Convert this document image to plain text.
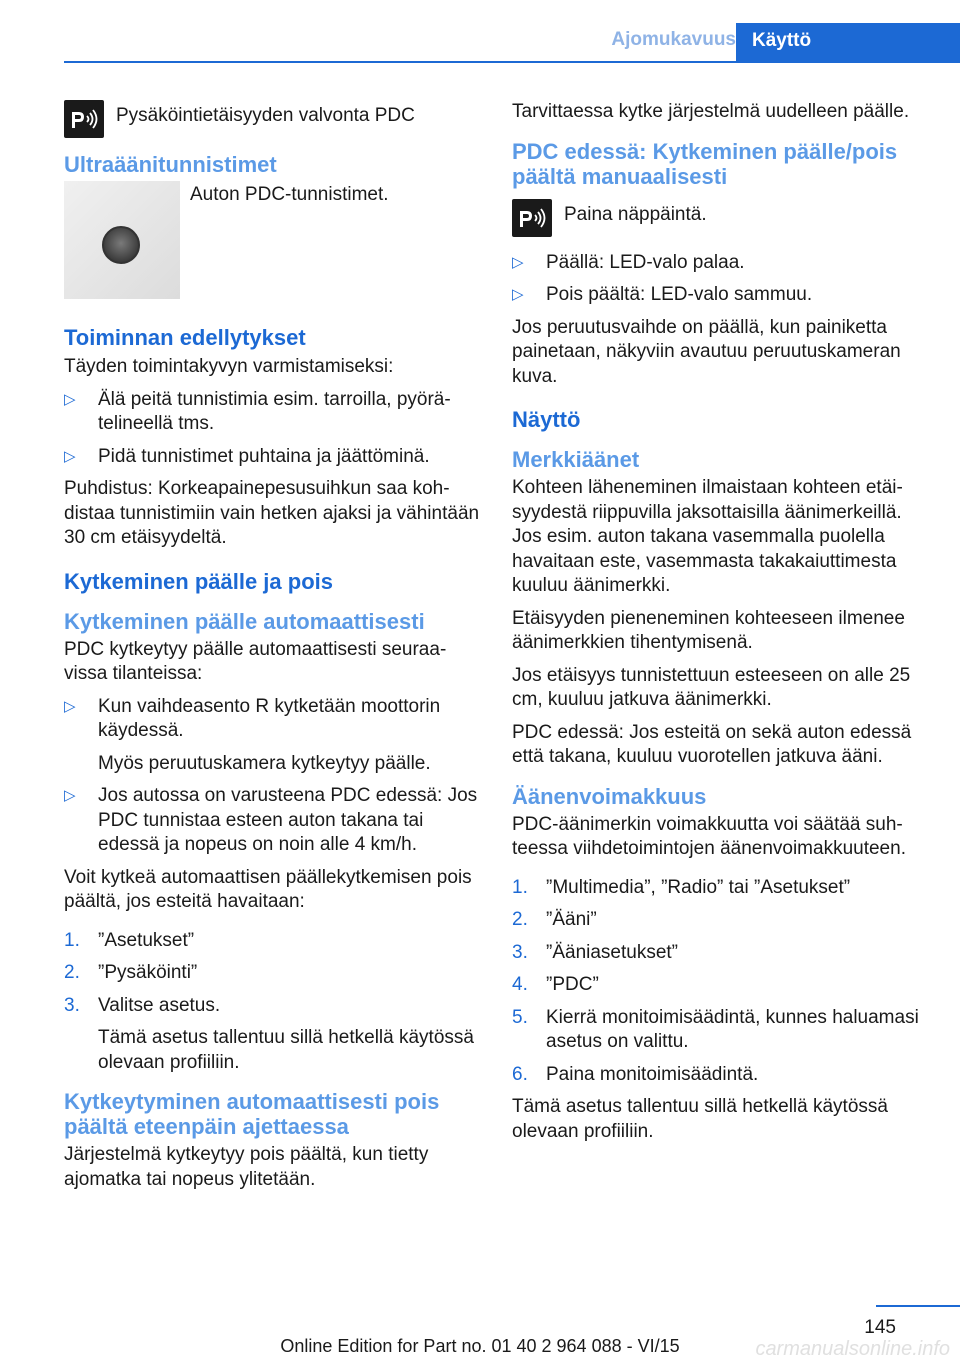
Ajomukavuus Käyttö
Pysäköintietäisyyden valvonta PDC
Ultraäänitunnistimet
Auton PDC-tunnistimet.
Toiminnan edellytykset

Täyden toimintakyvyn varmistamiseksi:

▷ Älä peitä tunnistimia esim. tarroilla, pyörätelineellä tms.
▷ Pidä tunnistimet puhtaina ja jäättöminä.

Puhdistus: Korkeapainepesusuihkun saa kohdistaa tunnistimiin vain hetken ajaksi ja vähintään 30 cm etäisyydeltä.

Kytkeminen päälle ja pois
Kytkeminen päälle automaattisesti

PDC kytkeytyy päälle automaattisesti seuraavissa tilanteissa:

▷ Kun vaihdeasento R kytketään moottorin käydessä.
Myös peruutuskamera kytkeytyy päälle.
▷ Jos autossa on varusteena PDC edessä: Jos PDC tunnistaa esteen auton takana tai edessä ja nopeus on noin alle 4 km/h.

Voit kytkeä automaattisen päällekytkemisen pois päältä, jos esteitä havaitaan:

1. ”Asetukset”
2. ”Pysäköinti”
3. Valitse asetus.
Tämä asetus tallentuu sillä hetkellä käytössä olevaan profiiliin.
Kytkeytyminen automaattisesti pois päältä eteenpäin ajettaessa

Järjestelmä kytkeytyy pois päältä, kun tietty ajomatka tai nopeus ylitetään.

Tarvittaessa kytke järjestelmä uudelleen päälle.

PDC edessä: Kytkeminen päälle/pois päältä manuaalisesti
Paina näppäintä.
▷ Päällä: LED-valo palaa.
▷ Pois päältä: LED-valo sammuu.

Jos peruutusvaihde on päällä, kun painiketta painetaan, näkyviin avautuu peruutuskameran kuva.

Näyttö
Merkkiäänet

Kohteen läheneminen ilmaistaan kohteen etäisyydestä riippuvilla jaksottaisilla äänimerkeillä. Jos esim. auton takana vasemmalla puolella havaitaan este, vasemmasta takakaiuttimesta kuuluu äänimerkki.

Etäisyyden pieneneminen kohteeseen ilmenee äänimerkkien tihentymisenä.

Jos etäisyys tunnistettuun esteeseen on alle 25 cm, kuuluu jatkuva äänimerkki.

PDC edessä: Jos esteitä on sekä auton edessä että takana, kuuluu vuorotellen jatkuva ääni.

Äänenvoimakkuus

PDC-äänimerkin voimakkuutta voi säätää suhteessa viihdetoimintojen äänenvoimakkuuteen.

1. ”Multimedia”, ”Radio” tai ”Asetukset”
2. ”Ääni”
3. ”Ääniasetukset”
4. ”PDC”
5. Kierrä monitoimisäädintä, kunnes haluamasi asetus on valittu.
6. Paina monitoimisäädintä.

Tämä asetus tallentuu sillä hetkellä käytössä olevaan profiiliin.

145
Online Edition for Part no. 01 40 2 964 088 - VI/15	carmanualsonline.info
